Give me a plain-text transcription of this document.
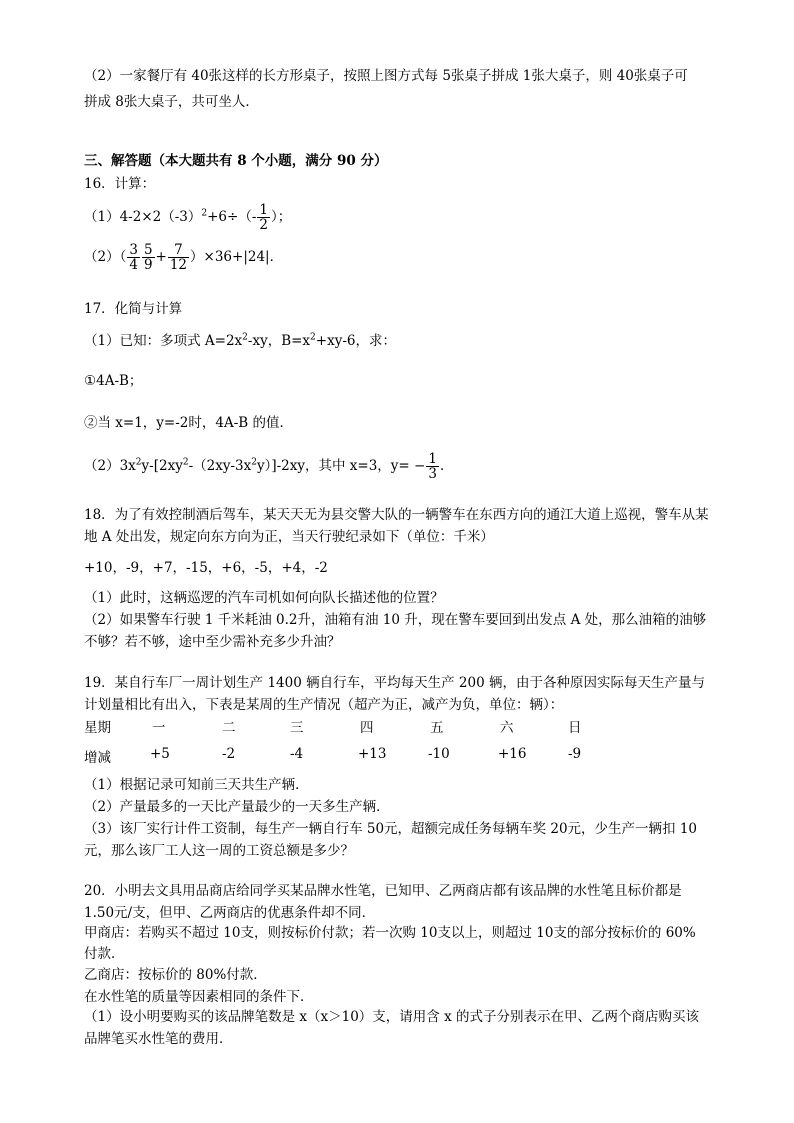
（2）一家餐厅有 40张这样的长方形桌子，按照上图方式每 5张桌子拼成 1张大桌子，则 40张桌子可
拼成 8张大桌子，共可坐人．
三、解答题（本大题共有 8 个小题，满分 90 分）
16．计算：
$(1)4-2\times 2(-3)^2+6\div(- \frac{1}{2}$ ）；
$(2)( \frac{3}{4} \frac{5}{9} + \frac{7}{12} )\times 36+|24|$．
17．化简与计算
（1）已知：多项式 $A=2x^2-xy$，$B=x^2+xy-6$，求：
①4A-B；
②当 x=1，y=-2时，4A-B 的值．
$(2)3x^2y-[2xy^2-(2xy-3x^2y)]-2xy$，其中 x=3，$y= - \frac{1}{3}$ ．
18．为了有效控制酒后驾车，某天天无为县交警大队的一辆警车在东西方向的通江大道上巡视，警车从某
地 A 处出发，规定向东方向为正，当天行驶纪录如下（单位：千米）
+10，-9，+7，-15，+6，-5，+4，-2
（1）此时，这辆巡逻的汽车司机如何向队长描述他的位置？
（2）如果警车行驶 1 千米耗油 0.2升，油箱有油 10 升，现在警车要回到出发点 A 处，那么油箱的油够
不够？若不够，途中至少需补充多少升油？
19．某自行车厂一周计划生产 1400 辆自行车，平均每天生产 200 辆，由于各种原因实际每天生产量与
计划量相比有出入，下表是某周的生产情况（超产为正，减产为负，单位：辆）：
星期	一	二	三	四	五	六	日
增减	+5	-2	-4	+13	-10	+16	-9
（1）根据记录可知前三天共生产辆．
（2）产量最多的一天比产量最少的一天多生产辆．
（3）该厂实行计件工资制，每生产一辆自行车 50元，超额完成任务每辆车奖 20元，少生产一辆扣 10
元，那么该厂工人这一周的工资总额是多少？
20．小明去文具用品商店给同学买某品牌水性笔，已知甲、乙两商店都有该品牌的水性笔且标价都是
1.50元/支，但甲、乙两商店的优惠条件却不同．
甲商店：若购买不超过 10支，则按标价付款；若一次购 10支以上，则超过 10支的部分按标价的 60%
付款．
乙商店：按标价的 80%付款．
在水性笔的质量等因素相同的条件下．
（1）设小明要购买的该品牌笔数是 x（x＞10）支，请用含 x 的式子分别表示在甲、乙两个商店购买该
品牌笔买水性笔的费用．
